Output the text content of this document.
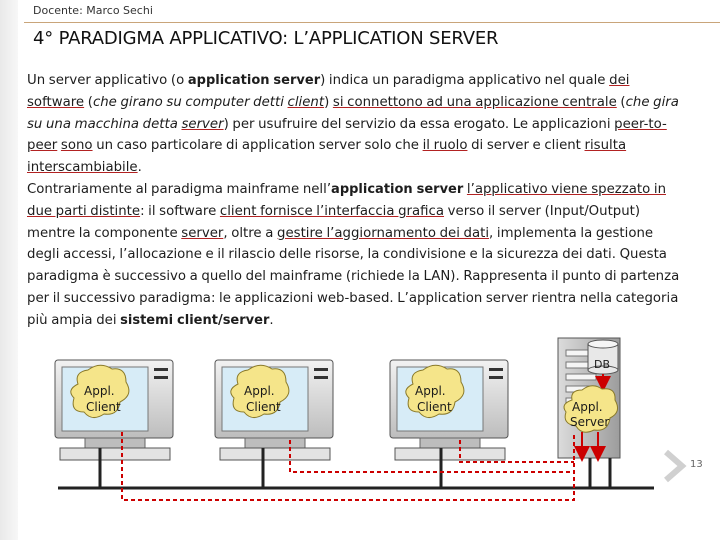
Docente: Marco Sechi
4° PARADIGMA APPLICATIVO: L’APPLICATION SERVER

Un server applicativo (o application server) indica un paradigma applicativo nel quale dei software (che girano su computer detti client) si connettono ad una applicazione centrale (che gira su una macchina detta server) per usufruire del servizio da essa erogato. Le applicazioni peer-to-peer sono un caso particolare di application server solo che il ruolo di server e client risulta interscambiabile.

Contrariamente al paradigma mainframe nell’application server l’applicativo viene spezzato in due parti distinte: il software client fornisce l’interfaccia grafica verso il server (Input/Output) mentre la componente server, oltre a gestire l’aggiornamento dei dati, implementa la gestione degli accessi, l’allocazione e il rilascio delle risorse, la condivisione e la sicurezza dei dati. Questa paradigma è successivo a quello del mainframe (richiede la LAN). Rappresenta il punto di partenza per il successivo paradigma: le applicazioni web-based. L’application server rientra nella categoria più ampia dei sistemi client/server.

Appl.
Client
Appl.
Client
Appl.
Client
DB
Appl.
Server
13
